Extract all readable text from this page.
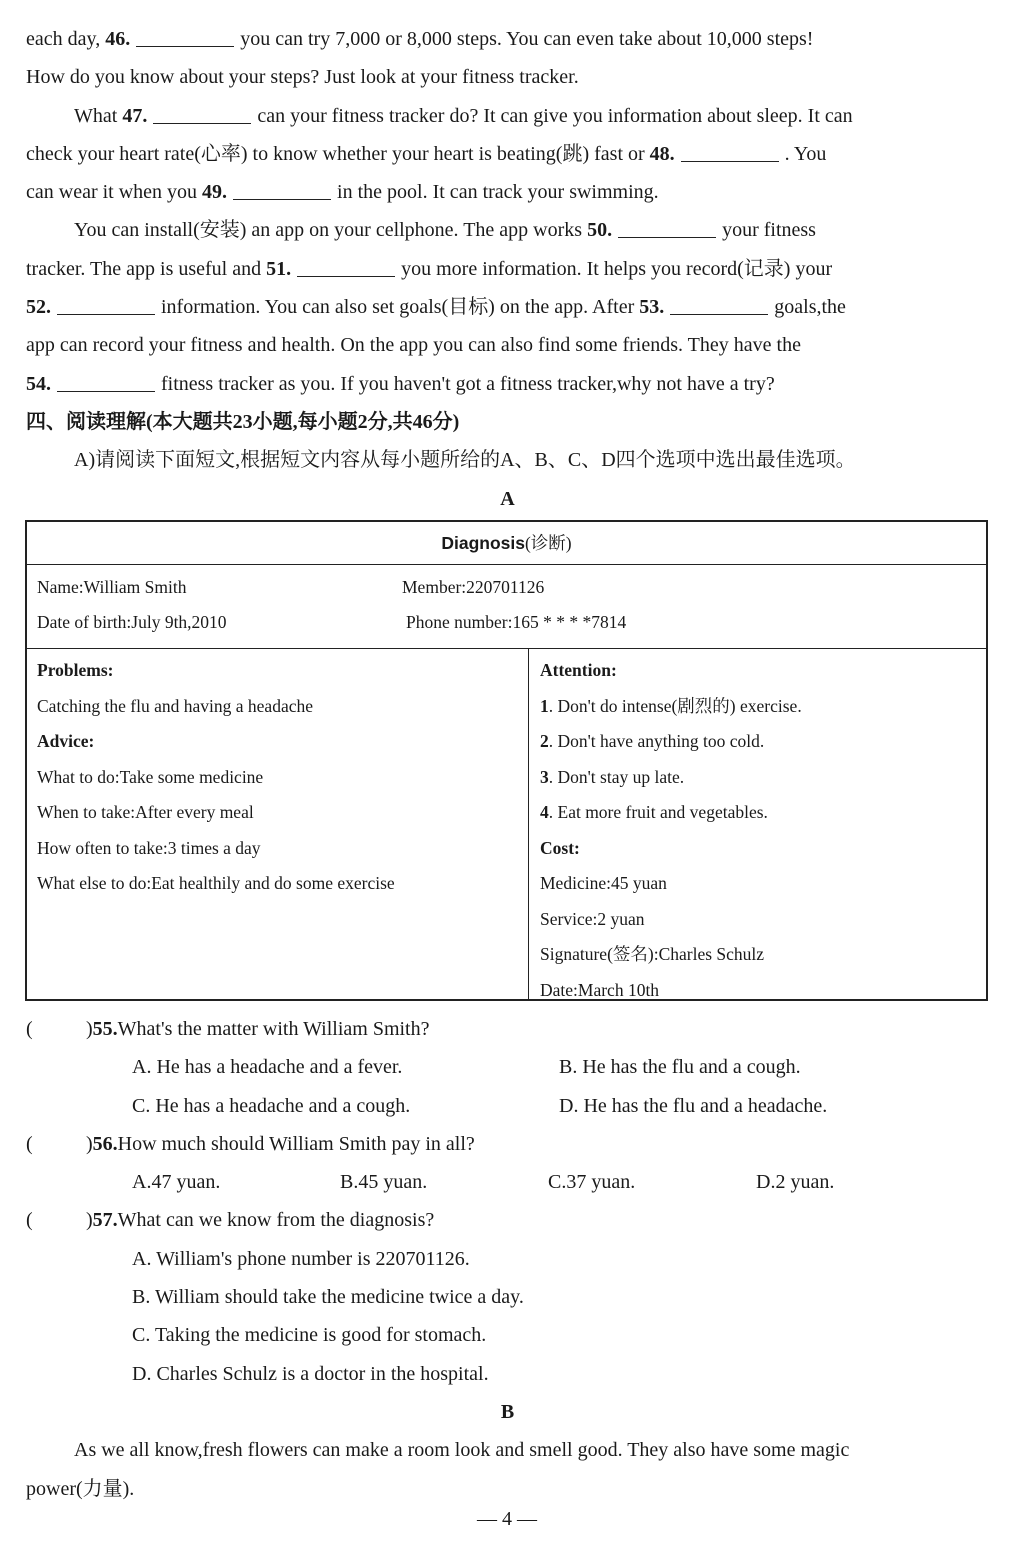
each day, 46.	you can try 7,000 or 8,000 steps. You can even take about 10,000 steps!
How do you know about your steps? Just look at your fitness tracker.
What 47.	can your fitness tracker do? It can give you information about sleep. It can
check your heart rate(心率) to know whether your heart is beating(跳) fast or 48.	. You
can wear it when you 49.	in the pool. It can track your swimming.
You can install(安装) an app on your cellphone. The app works 50.	your fitness
tracker. The app is useful and 51.	you more information. It helps you record(记录) your
52.	information. You can also set goals(目标) on the app. After 53.	goals,the
app can record your fitness and health. On the app you can also find some friends. They have the
54.	fitness tracker as you. If you haven't got a fitness tracker,why not have a try?
四、阅读理解(本大题共23小题,每小题2分,共46分)
A)请阅读下面短文,根据短文内容从每小题所给的A、B、C、D四个选项中选出最佳选项。
A
Diagnosis(诊断)
Name:William Smith	Member:220701126
Date of birth:July 9th,2010	Phone number:165 * * * *7814
Problems:
Catching the flu and having a headache
Advice:
What to do:Take some medicine
When to take:After every meal
How often to take:3 times a day
What else to do:Eat healthily and do some exercise
Attention:
1. Don't do intense(剧烈的) exercise.
2. Don't have anything too cold.
3. Don't stay up late.
4. Eat more fruit and vegetables.
Cost:
Medicine:45 yuan
Service:2 yuan
Signature(签名):Charles Schulz
Date:March 10th
(	)55.What's the matter with William Smith?
A. He has a headache and a fever.	B. He has the flu and a cough.
C. He has a headache and a cough.	D. He has the flu and a headache.
(	)56.How much should William Smith pay in all?
A.47 yuan.	B.45 yuan.	C.37 yuan.	D.2 yuan.
(	)57.What can we know from the diagnosis?
A. William's phone number is 220701126.
B. William should take the medicine twice a day.
C. Taking the medicine is good for stomach.
D. Charles Schulz is a doctor in the hospital.
B
As we all know,fresh flowers can make a room look and smell good. They also have some magic
power(力量).
— 4 —
